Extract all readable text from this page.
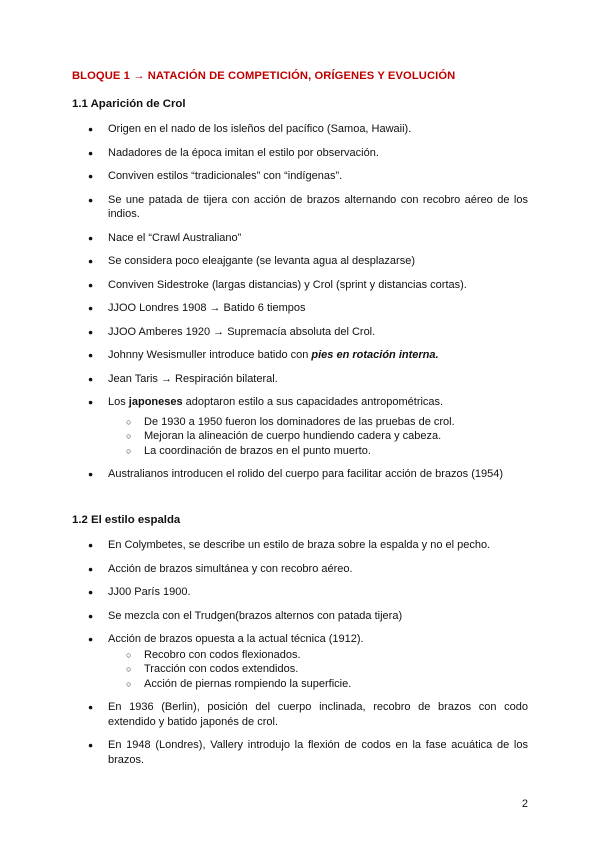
BLOQUE 1 → NATACIÓN DE COMPETICIÓN, ORÍGENES Y EVOLUCIÓN
1.1 Aparición de Crol
● Origen en el nado de los isleños del pacífico (Samoa, Hawaii).
● Nadadores de la época imitan el estilo por observación.
● Conviven estilos “tradicionales” con “indígenas”.
● Se une patada de tijera con acción de brazos alternando con recobro aéreo de los indios.
● Nace el “Crawl Australiano”
● Se considera poco eleajgante (se levanta agua al desplazarse)
● Conviven Sidestroke (largas distancias) y Crol (sprint y distancias cortas).
● JJOO Londres 1908 → Batido 6 tiempos
● JJOO Amberes 1920 → Supremacía absoluta del Crol.
● Johnny Wesismuller introduce batido con pies en rotación interna.
● Jean Taris → Respiración bilateral.
● Los japoneses adoptaron estilo a sus capacidades antropométricas.
○ De 1930 a 1950 fueron los dominadores de las pruebas de crol.
○ Mejoran la alineación de cuerpo hundiendo cadera y cabeza.
○ La coordinación de brazos en el punto muerto.
● Australianos introducen el rolido del cuerpo para facilitar acción de brazos (1954)
1.2 El estilo espalda
● En Colymbetes, se describe un estilo de braza sobre la espalda y no el pecho.
● Acción de brazos simultánea y con recobro aéreo.
● JJ00 París 1900.
● Se mezcla con el Trudgen(brazos alternos con patada tijera)
● Acción de brazos opuesta a la actual técnica (1912).
○ Recobro con codos flexionados.
○ Tracción con codos extendidos.
○ Acción de piernas rompiendo la superficie.
● En 1936 (Berlin), posición del cuerpo inclinada, recobro de brazos con codo extendido y batido japonés de crol.
● En 1948 (Londres), Vallery introdujo la flexión de codos en la fase acuática de los brazos.
2
